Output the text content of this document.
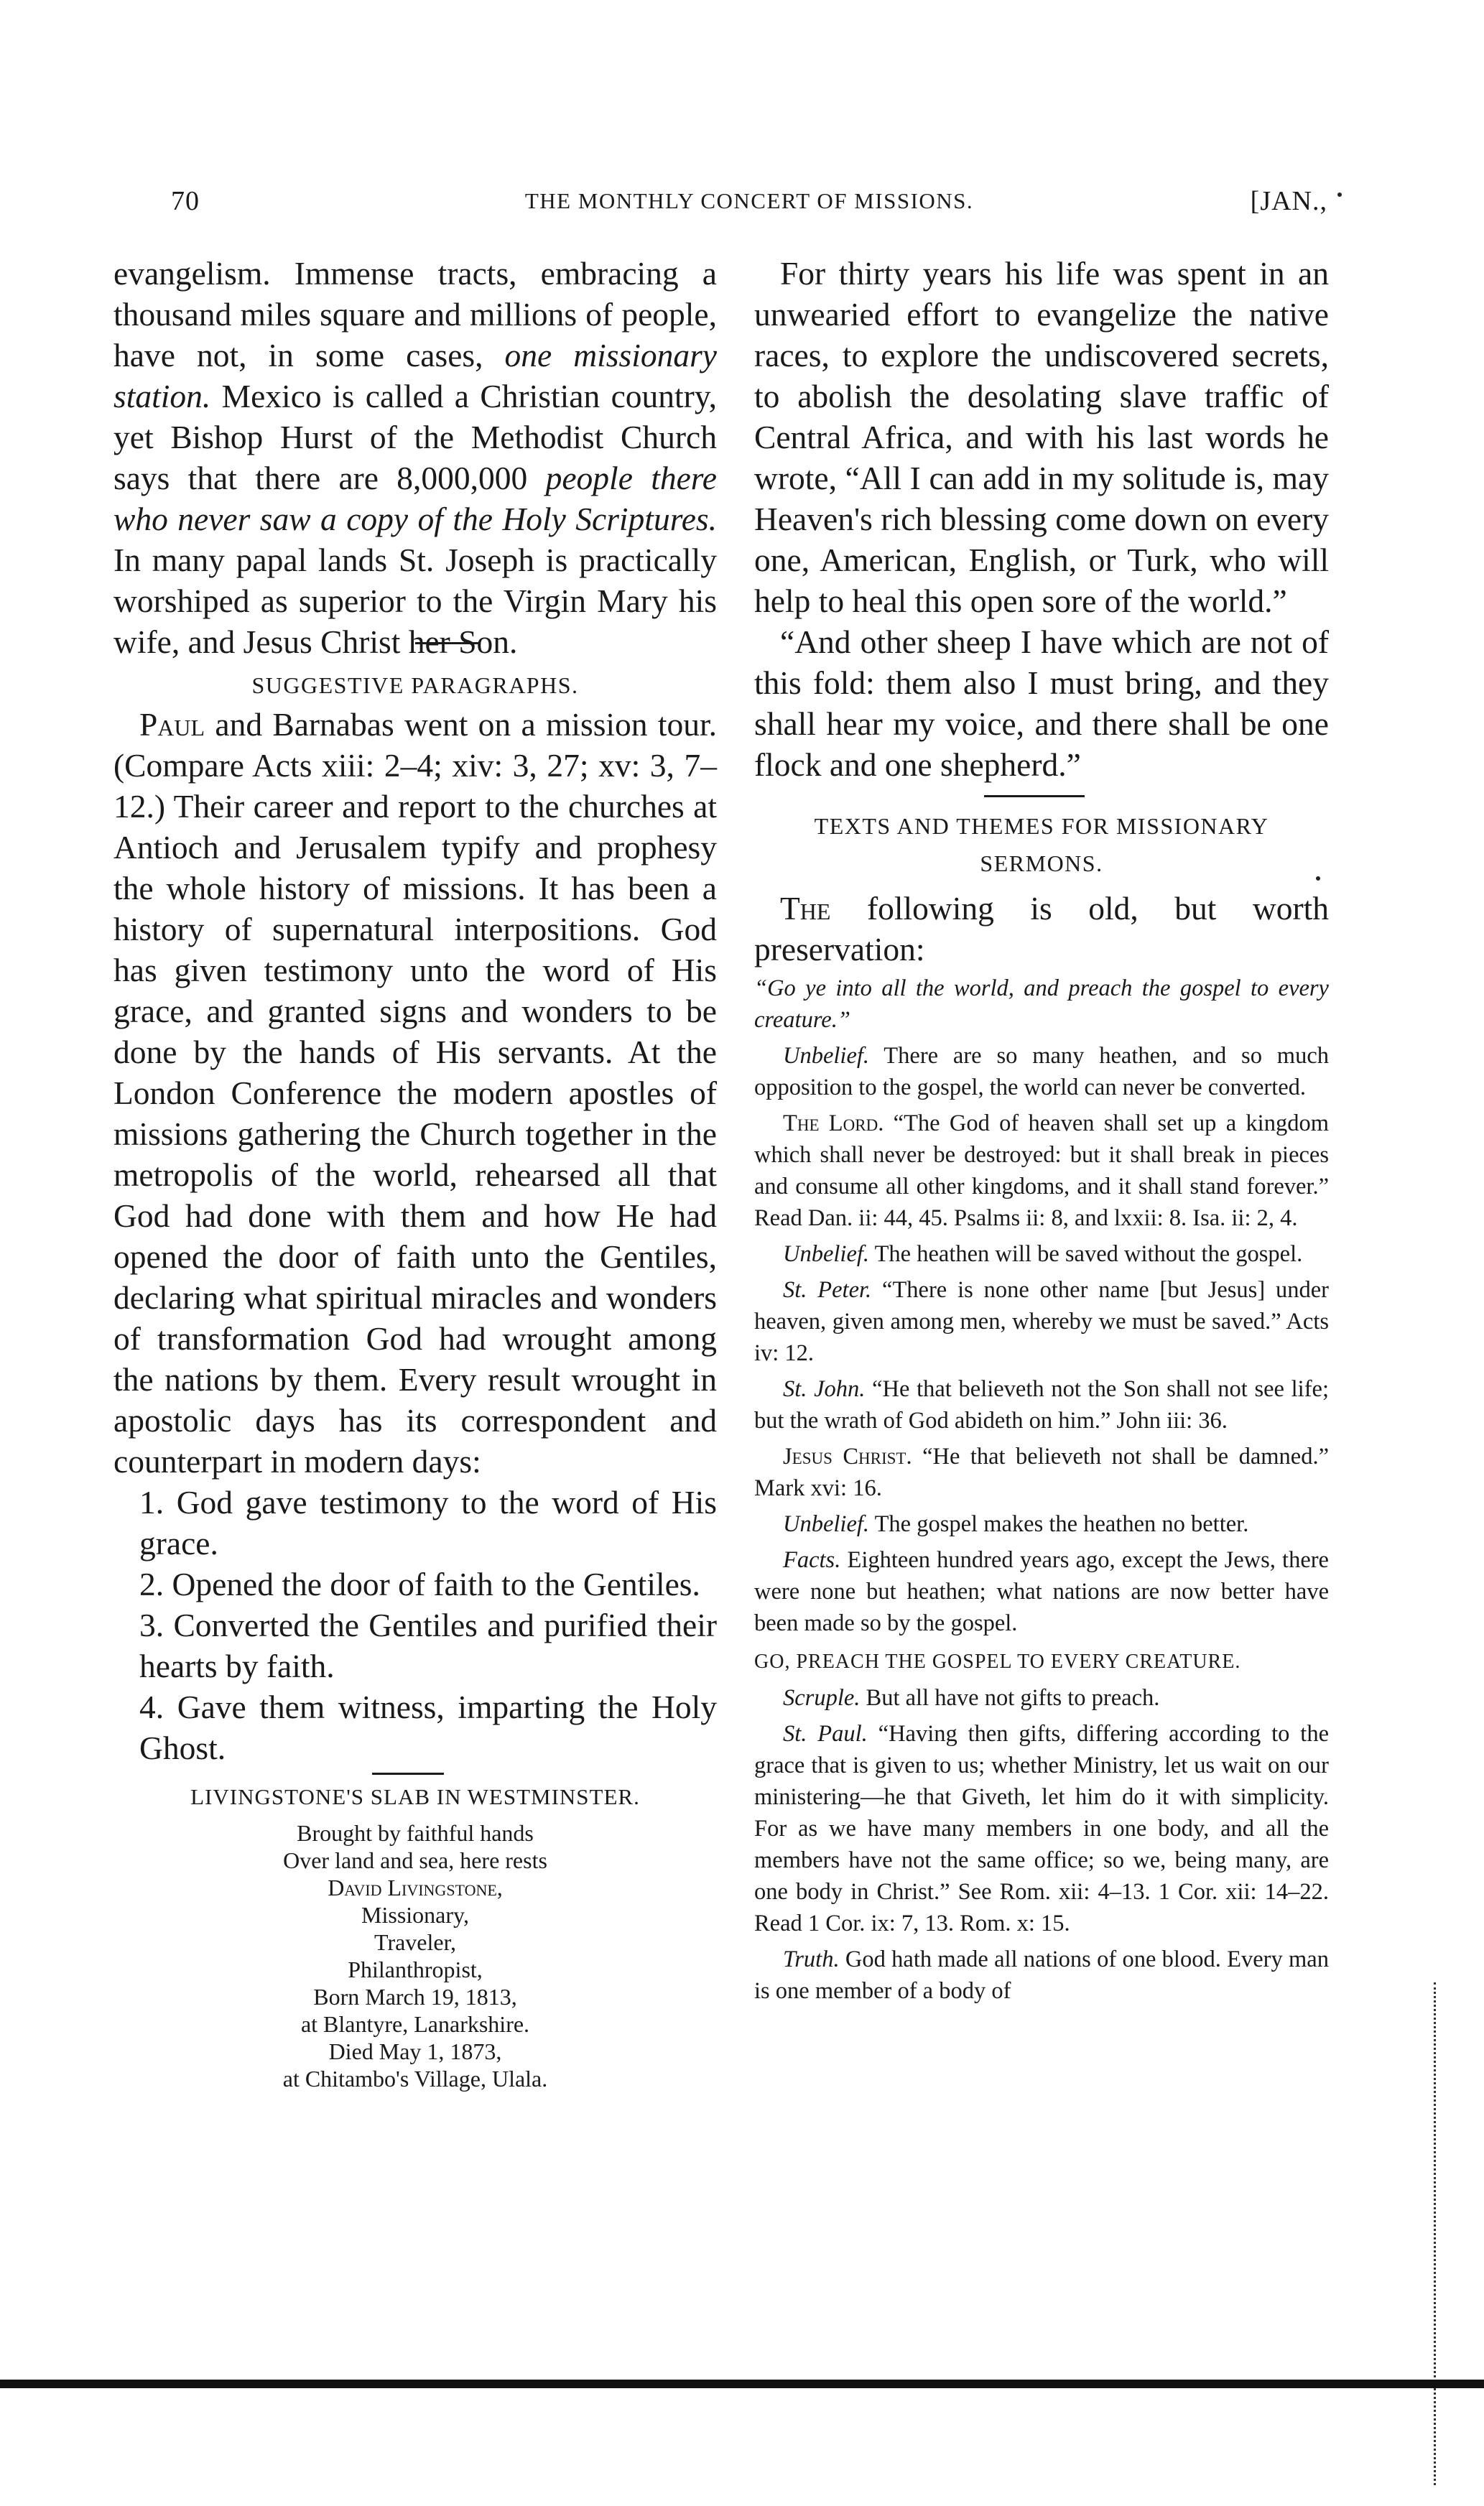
70	THE MONTHLY CONCERT OF MISSIONS.	[JAN.,

evangelism. Immense tracts, embracing a thousand miles square and millions of people, have not, in some cases, one missionary station. Mexico is called a Christian country, yet Bishop Hurst of the Methodist Church says that there are 8,000,000 people there who never saw a copy of the Holy Scriptures. In many papal lands St. Joseph is practically worshiped as superior to the Virgin Mary his wife, and Jesus Christ her Son.

SUGGESTIVE PARAGRAPHS.

Paul and Barnabas went on a mission tour. (Compare Acts xiii: 2–4; xiv: 3, 27; xv: 3, 7–12.) Their career and report to the churches at Antioch and Jerusalem typify and prophesy the whole history of missions. It has been a history of supernatural interpositions. God has given testimony unto the word of His grace, and granted signs and wonders to be done by the hands of His servants. At the London Conference the modern apostles of missions gathering the Church together in the metropolis of the world, rehearsed all that God had done with them and how He had opened the door of faith unto the Gentiles, declaring what spiritual miracles and wonders of transformation God had wrought among the nations by them. Every result wrought in apostolic days has its correspondent and counterpart in modern days:

1. God gave testimony to the word of His grace.

2. Opened the door of faith to the Gentiles.

3. Converted the Gentiles and purified their hearts by faith.

4. Gave them witness, imparting the Holy Ghost.

LIVINGSTONE'S SLAB IN WESTMINSTER.
Brought by faithful hands
Over land and sea, here rests
David Livingstone,
Missionary,
Traveler,
Philanthropist,
Born March 19, 1813,
at Blantyre, Lanarkshire.
Died May 1, 1873,
at Chitambo's Village, Ulala.

For thirty years his life was spent in an unwearied effort to evangelize the native races, to explore the undiscovered secrets, to abolish the desolating slave traffic of Central Africa, and with his last words he wrote, “All I can add in my solitude is, may Heaven's rich blessing come down on every one, American, English, or Turk, who will help to heal this open sore of the world.”

“And other sheep I have which are not of this fold: them also I must bring, and they shall hear my voice, and there shall be one flock and one shepherd.”

TEXTS AND THEMES FOR MISSIONARY SERMONS.

The following is old, but worth preservation:

“Go ye into all the world, and preach the gospel to every creature.”

Unbelief. There are so many heathen, and so much opposition to the gospel, the world can never be converted.

The Lord. “The God of heaven shall set up a kingdom which shall never be destroyed: but it shall break in pieces and consume all other kingdoms, and it shall stand forever.” Read Dan. ii: 44, 45. Psalms ii: 8, and lxxii: 8. Isa. ii: 2, 4.

Unbelief. The heathen will be saved without the gospel.

St. Peter. “There is none other name [but Jesus] under heaven, given among men, whereby we must be saved.” Acts iv: 12.

St. John. “He that believeth not the Son shall not see life; but the wrath of God abideth on him.” John iii: 36.

Jesus Christ. “He that believeth not shall be damned.” Mark xvi: 16.

Unbelief. The gospel makes the heathen no better.

Facts. Eighteen hundred years ago, except the Jews, there were none but heathen; what nations are now better have been made so by the gospel.

GO, PREACH THE GOSPEL TO EVERY CREATURE.

Scruple. But all have not gifts to preach.

St. Paul. “Having then gifts, differing according to the grace that is given to us; whether Ministry, let us wait on our ministering—he that Giveth, let him do it with simplicity. For as we have many members in one body, and all the members have not the same office; so we, being many, are one body in Christ.” See Rom. xii: 4–13. 1 Cor. xii: 14–22. Read 1 Cor. ix: 7, 13. Rom. x: 15.

Truth. God hath made all nations of one blood. Every man is one member of a body of
